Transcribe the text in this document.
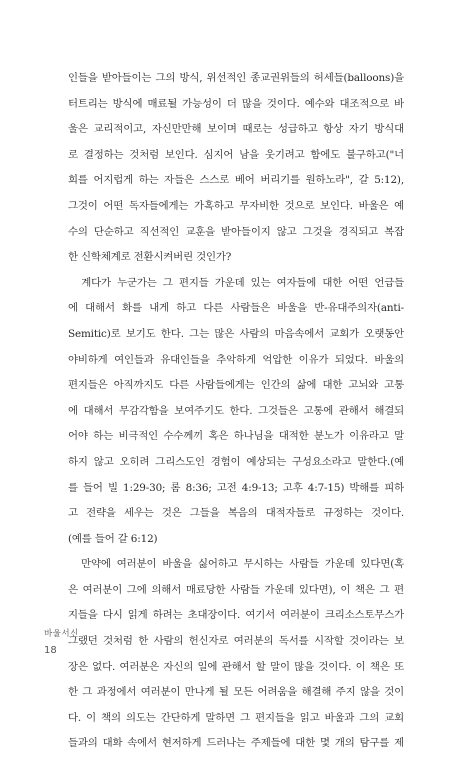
인들을 받아들이는 그의 방식, 위선적인 종교권위들의 허세들(balloons)을
터트리는 방식에 매료될 가능성이 더 많을 것이다. 예수와 대조적으로 바
울은 교리적이고, 자신만만해 보이며 때로는 성급하고 항상 자기 방식대
로 결정하는 것처럼 보인다. 심지어 남을 웃기려고 함에도 불구하고("너
희를 어지럽게 하는 자들은 스스로 베어 버리기를 원하노라", 갈 5:12),
그것이 어떤 독자들에게는 가혹하고 무자비한 것으로 보인다. 바울은 예
수의 단순하고 직선적인 교훈을 받아들이지 않고 그것을 경직되고 복잡
한 신학체계로 전환시켜버린 것인가?
　계다가 누군가는 그 편지들 가운데 있는 여자들에 대한 어떤 언급들
에 대해서 화를 내게 하고 다른 사람들은 바울을 반-유대주의자(anti-
Semitic)로 보기도 한다. 그는 많은 사람의 마음속에서 교회가 오랫동안
야비하게 여인들과 유대인들을 추악하게 억압한 이유가 되었다. 바울의
편지들은 아직까지도 다른 사람들에게는 인간의 삶에 대한 고뇌와 고통
에 대해서 무감각함을 보여주기도 한다. 그것들은 고통에 관해서 해결되
어야 하는 비극적인 수수께끼 혹은 하나님을 대적한 분노가 이유라고 말
하지 않고 오히려 그리스도인 경험이 예상되는 구성요소라고 말한다.(예
를 들어 빌 1:29-30; 롬 8:36; 고전 4:9-13; 고후 4:7-15) 박해를 피하
고 전략을 세우는 것은 그들을 복음의 대적자들로 규정하는 것이다.
(예를 들어 갈 6:12)
　만약에 여러분이 바울을 싫어하고 무시하는 사람들 가운데 있다면(혹
은 여러분이 그에 의해서 매료당한 사람들 가운데 있다면), 이 책은 그 편
지들을 다시 읽게 하려는 초대장이다. 여기서 여러분이 크리소스토무스가
그랬던 것처럼 한 사람의 헌신자로 여러분의 독서를 시작할 것이라는 보
장은 없다. 여러분은 자신의 일에 관해서 할 말이 많을 것이다. 이 책은 또
한 그 과정에서 여러분이 만나게 될 모든 어려움을 해결해 주지 않을 것이
다. 이 책의 의도는 간단하게 말하면 그 편지들을 읽고 바울과 그의 교회
들과의 대화 속에서 현저하게 드러나는 주제들에 대한 몇 개의 탐구를 제
바울서신
18
